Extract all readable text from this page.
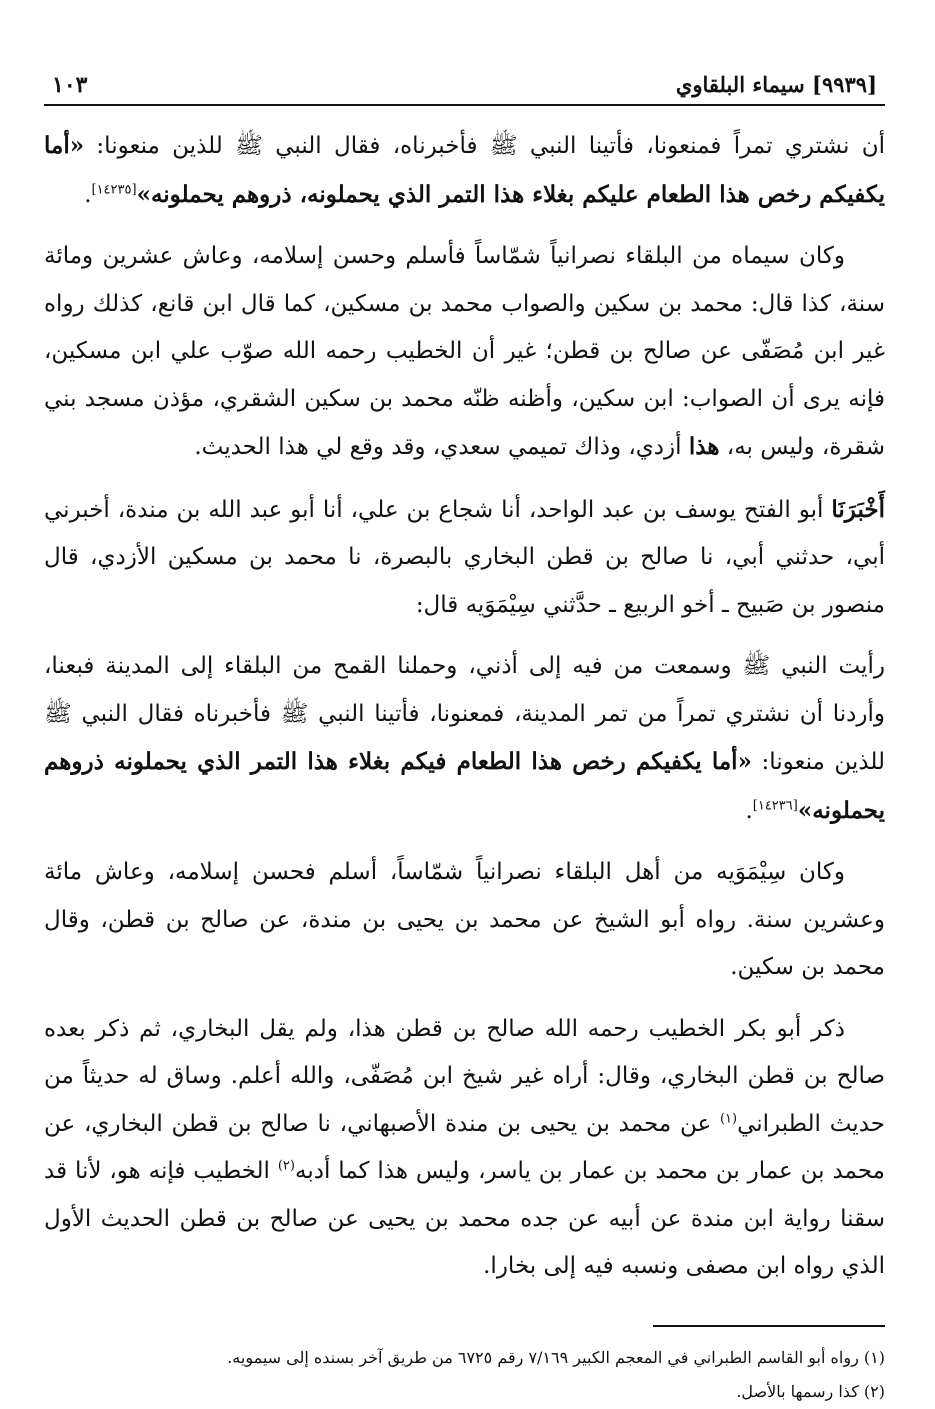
[٩٩٣٩] سيماء البلقاوي
١٠٣

أن نشتري تمراً فمنعونا، فأتينا النبي ﷺ فأخبرناه، فقال النبي ﷺ للذين منعونا: «أما يكفيكم رخص هذا الطعام عليكم بغلاء هذا التمر الذي يحملونه، ذروهم يحملونه»[١٤٢٣٥].

وكان سيماه من البلقاء نصرانياً شمّاساً فأسلم وحسن إسلامه، وعاش عشرين ومائة سنة، كذا قال: محمد بن سكين والصواب محمد بن مسكين، كما قال ابن قانع، كذلك رواه غير ابن مُصَفّى عن صالح بن قطن؛ غير أن الخطيب رحمه الله صوّب علي ابن مسكين، فإنه يرى أن الصواب: ابن سكين، وأظنه ظنّه محمد بن سكين الشقري، مؤذن مسجد بني شقرة، وليس به، هذا أزدي، وذاك تميمي سعدي، وقد وقع لي هذا الحديث.

أَخْبَرَنَا أبو الفتح يوسف بن عبد الواحد، أنا شجاع بن علي، أنا أبو عبد الله بن مندة، أخبرني أبي، حدثني أبي، نا صالح بن قطن البخاري بالبصرة، نا محمد بن مسكين الأزدي، قال منصور بن صَبيح ـ أخو الربيع ـ حدَّثني سِيْمَوَيه قال:

رأيت النبي ﷺ وسمعت من فيه إلى أذني، وحملنا القمح من البلقاء إلى المدينة فبعنا، وأردنا أن نشتري تمراً من تمر المدينة، فمعنونا، فأتينا النبي ﷺ فأخبرناه فقال النبي ﷺ للذين منعونا: «أما يكفيكم رخص هذا الطعام فيكم بغلاء هذا التمر الذي يحملونه ذروهم يحملونه»[١٤٢٣٦].

وكان سِيْمَوَيه من أهل البلقاء نصرانياً شمّاساً، أسلم فحسن إسلامه، وعاش مائة وعشرين سنة. رواه أبو الشيخ عن محمد بن يحيى بن مندة، عن صالح بن قطن، وقال محمد بن سكين.

ذكر أبو بكر الخطيب رحمه الله صالح بن قطن هذا، ولم يقل البخاري، ثم ذكر بعده صالح بن قطن البخاري، وقال: أراه غير شيخ ابن مُصَفّى، والله أعلم. وساق له حديثاً من حديث الطبراني$^{(١)}$ عن محمد بن يحيى بن مندة الأصبهاني، نا صالح بن قطن البخاري، عن محمد بن عمار بن محمد بن عمار بن ياسر، وليس هذا كما أدبه$^{(٢)}$ الخطيب فإنه هو، لأنا قد سقنا رواية ابن مندة عن أبيه عن جده محمد بن يحيى عن صالح بن قطن الحديث الأول الذي رواه ابن مصفى ونسبه فيه إلى بخارا.

(١) رواه أبو القاسم الطبراني في المعجم الكبير ٧/١٦٩ رقم ٦٧٢٥ من طريق آخر بسنده إلى سيمويه.

(٢) كذا رسمها بالأصل.
